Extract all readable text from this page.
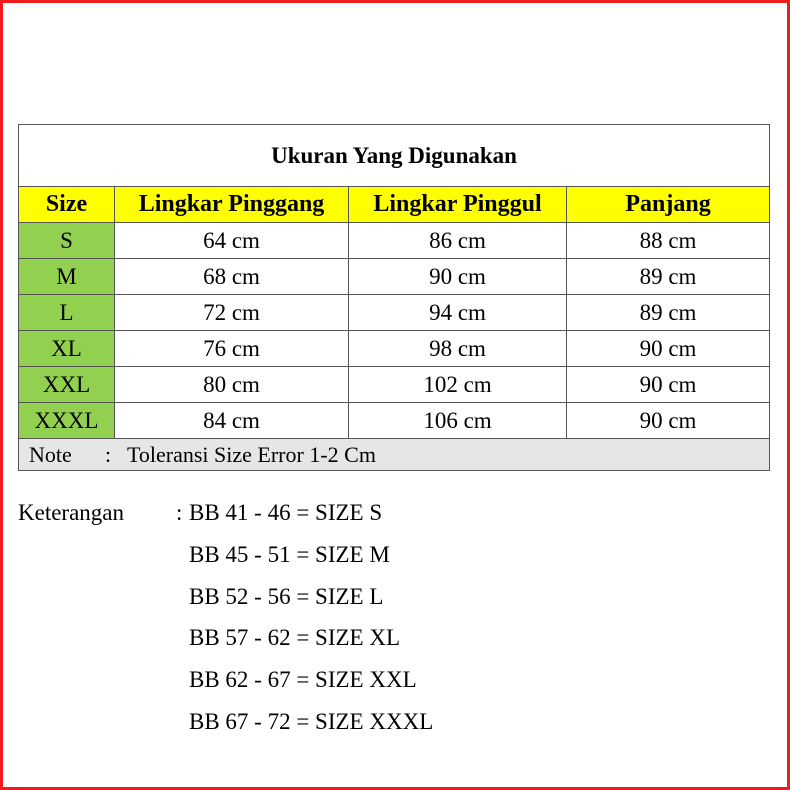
Ukuran Yang Digunakan			
Size	Lingkar Pinggang	Lingkar Pinggul	Panjang
S	64 cm	86 cm	88 cm
M	68 cm	90 cm	89 cm
L	72 cm	94 cm	89 cm
XL	76 cm	98 cm	90 cm
XXL	80 cm	102 cm	90 cm
XXXL	84 cm	106 cm	90 cm
Note : Toleransi Size Error 1-2 Cm			
Keterangan : BB 41 - 46 = SIZE S
BB 45 - 51 = SIZE M
BB 52 - 56 = SIZE L
BB 57 - 62 = SIZE XL
BB 62 - 67 = SIZE XXL
BB 67 - 72 = SIZE XXXL
